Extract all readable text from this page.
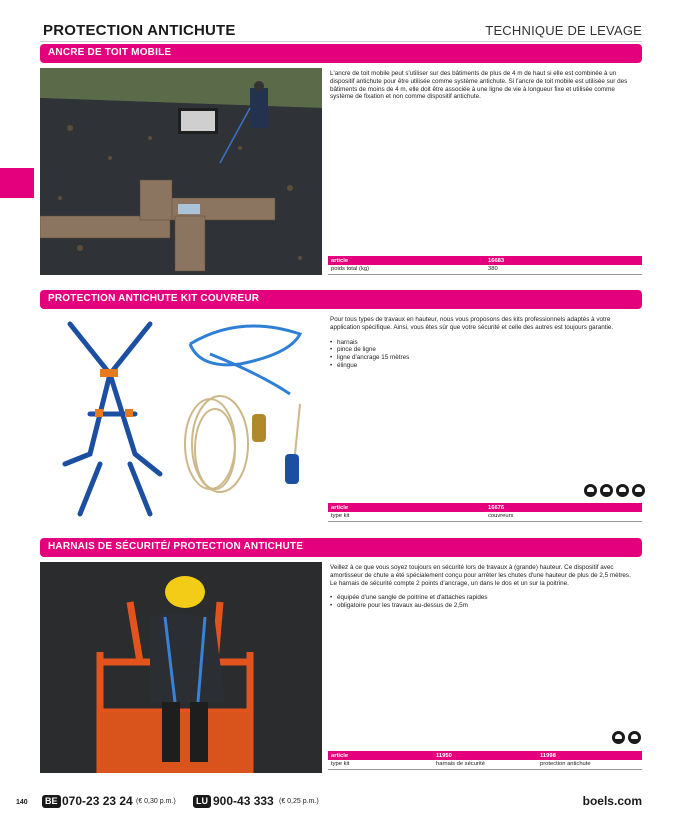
PROTECTION ANTICHUTE	TECHNIQUE DE LEVAGE
ANCRE DE TOIT MOBILE

L'ancre de toit mobile peut s'utiliser sur des bâtiments de plus de 4 m de haut si elle est combinée à un dispositif antichute pour être utilisée comme système antichute. Si l'ancre de toit mobile est utilisée sur des bâtiments de moins de 4 m, elle doit être associée à une ligne de vie à longueur fixe et utilisée comme système de fixation et non comme dispositif antichute.

article	16683
poids total (kg)	380
PROTECTION ANTICHUTE KIT COUVREUR

Pour tous types de travaux en hauteur, nous vous proposons des kits professionnels adaptés à votre application spécifique. Ainsi, vous êtes sûr que votre sécurité et celle des autres est toujours garantie.

• harnais
• pince de ligne
• ligne d'ancrage 15 mètres
• élingue
article	16676
type kit	couvreurs
HARNAIS DE SÉCURITÉ/ PROTECTION ANTICHUTE

Veillez à ce que vous soyez toujours en sécurité lors de travaux à (grande) hauteur. Ce dispositif avec amortisseur de chute a été spécialement conçu pour arrêter les chutes d'une hauteur de plus de 2,5 mètres. Le harnais de sécurité compte 2 points d'ancrage, un dans le dos et un sur la poitrine.

• équipée d'une sangle de poitrine et d'attaches rapides
• obligatoire pour les travaux au-dessus de 2,5m
article	11950	11998
type kit	harnais de sécurité	protection antichute
140	BE 070-23 23 24 (€ 0,30 p.m.)	LU 900-43 333 (€ 0,25 p.m.)	boels.com
